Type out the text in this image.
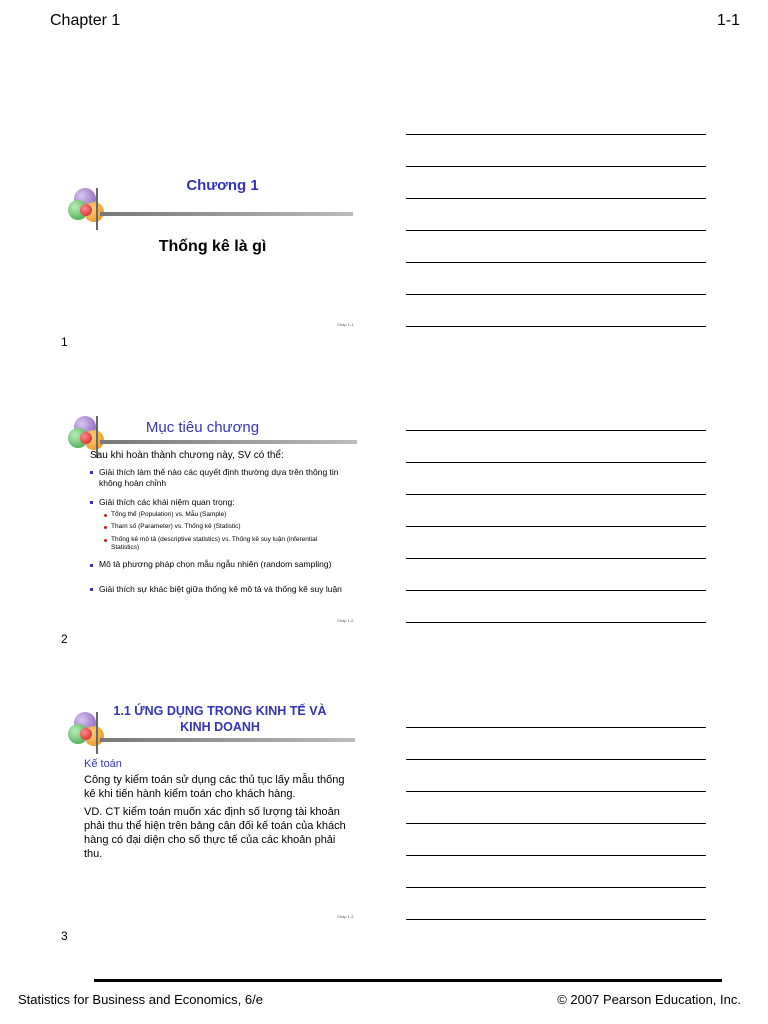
Chapter 1	1-1
Chương 1
Thống kê là gì
Chap 1-1
1
Mục tiêu chương
Sau khi hoàn thành chương này, SV có thể:
Giải thích làm thế nào các quyết định thường dựa trên thông tin không hoàn chỉnh
Giải thích các khái niệm quan trọng:
Tổng thể (Population) vs. Mẫu (Sample)
Tham số (Parameter) vs. Thống kê (Statistic)
Thống kê mô tả (descriptive statistics) vs. Thống kê suy luận (inferential Statistics)
Mô tả phương pháp chọn mẫu ngẫu nhiên (random sampling)
Giải thích sự khác biệt giữa thống kê mô tả và thống kê suy luận
Chap 1-2
2
1.1 ỨNG DỤNG TRONG KINH TẾ VÀ
KINH DOANH
Kế toán
Công ty kiểm toán sử dụng các thủ tục lấy mẫu thống kê khi tiến hành kiểm toán cho khách hàng.
VD. CT kiểm toán muốn xác định số lượng tài khoản phải thu thể hiện trên bảng cân đối kế toán của khách hàng có đại diện cho số thực tế của các khoản phải thu.
Chap 1-3
3
Statistics for Business and Economics, 6/e	© 2007 Pearson Education, Inc.
